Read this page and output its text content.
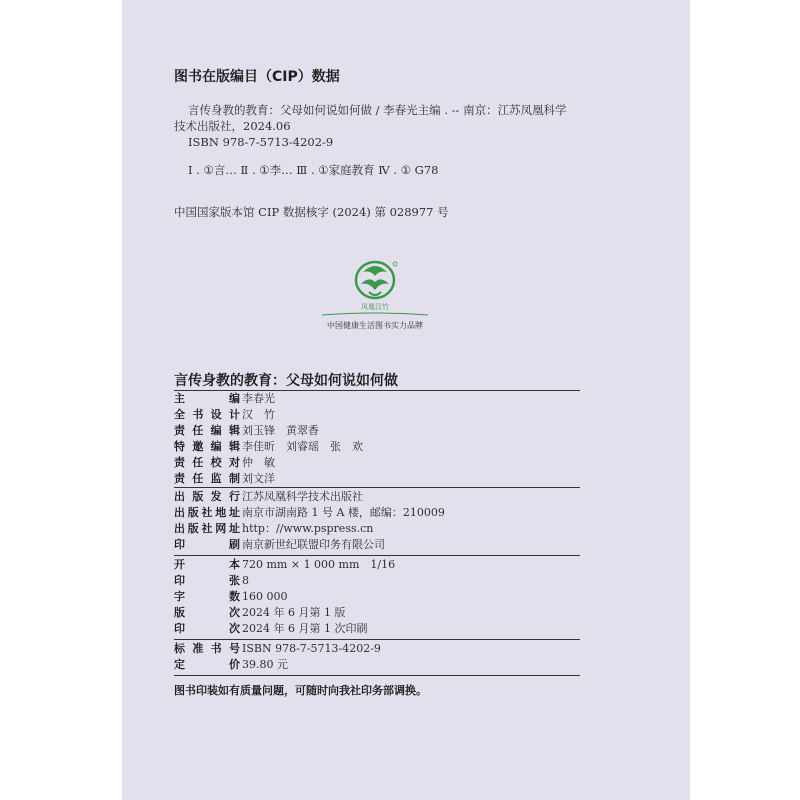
图书在版编目（CIP）数据
言传身教的教育：父母如何说如何做 / 李春光主编 . -- 南京：江苏凤凰科学
技术出版社，2024.06
ISBN 978-7-5713-4202-9
Ⅰ . ①言… Ⅱ . ①李… Ⅲ . ①家庭教育 Ⅳ . ① G78
中国国家版本馆 CIP 数据核字 (2024) 第 028977 号
凤凰汉竹
中国健康生活图书实力品牌
言传身教的教育：父母如何说如何做
主	编 李春光
全 书 设 计 汉　竹
责 任 编 辑 刘玉锋　黄翠香
特 邀 编 辑 李佳昕　刘睿瑶　张　欢
责 任 校 对 仲　敏
责 任 监 制 刘文洋
出 版 发 行 江苏凤凰科学技术出版社
出 版 社 地 址 南京市湖南路 1 号 A 楼，邮编：210009
出 版 社 网 址 http：//www.pspress.cn
印	刷 南京新世纪联盟印务有限公司
开	本 720 mm × 1 000 mm　1/16
印	张 8
字	数 160 000
版	次 2024 年 6 月第 1 版
印	次 2024 年 6 月第 1 次印刷
标 准 书 号 ISBN 978-7-5713-4202-9
定	价 39.80 元
图书印装如有质量问题，可随时向我社印务部调换。
